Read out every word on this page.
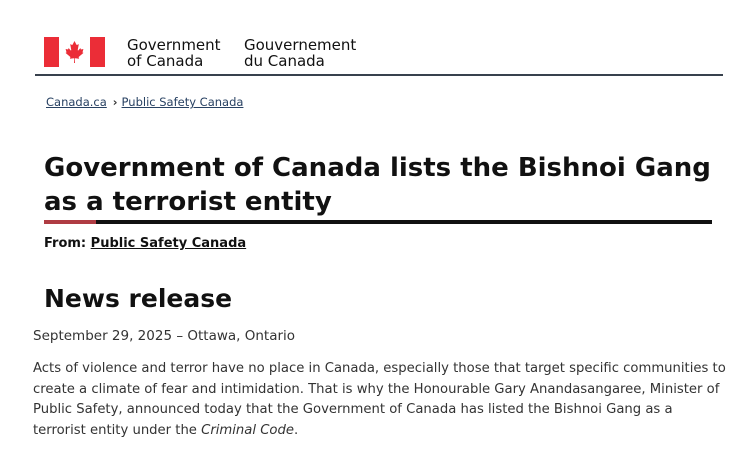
Government
of Canada
Gouvernement
du Canada
Canada.ca › Public Safety Canada
Government of Canada lists the Bishnoi Gang as a terrorist entity
From: Public Safety Canada
News release
September 29, 2025 – Ottawa, Ontario

Acts of violence and terror have no place in Canada, especially those that target specific communities to create a climate of fear and intimidation. That is why the Honourable Gary Anandasangaree, Minister of Public Safety, announced today that the Government of Canada has listed the Bishnoi Gang as a terrorist entity under the Criminal Code.
